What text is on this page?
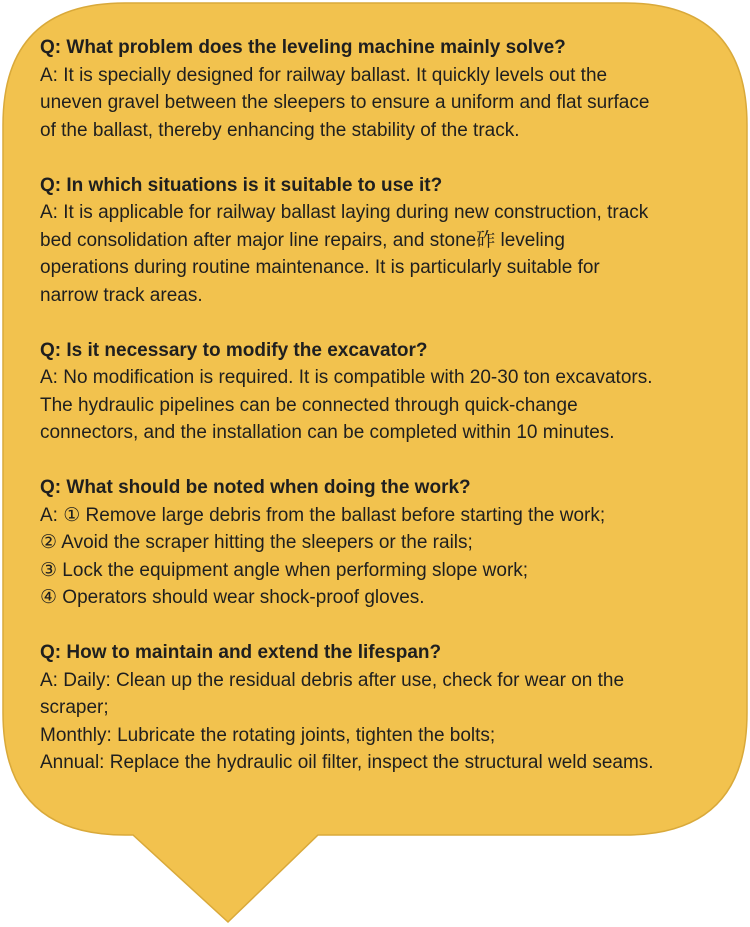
Q: What problem does the leveling machine mainly solve?
A: It is specially designed for railway ballast. It quickly levels out the
uneven gravel between the sleepers to ensure a uniform and flat surface
of the ballast, thereby enhancing the stability of the track.
Q: In which situations is it suitable to use it?
A: It is applicable for railway ballast laying during new construction, track
bed consolidation after major line repairs, and stone砟 leveling
operations during routine maintenance. It is particularly suitable for
narrow track areas.
Q: Is it necessary to modify the excavator?
A: No modification is required. It is compatible with 20-30 ton excavators.
The hydraulic pipelines can be connected through quick-change
connectors, and the installation can be completed within 10 minutes.
Q: What should be noted when doing the work?
A: ① Remove large debris from the ballast before starting the work;
② Avoid the scraper hitting the sleepers or the rails;
③ Lock the equipment angle when performing slope work;
④ Operators should wear shock-proof gloves.
Q: How to maintain and extend the lifespan?
A: Daily: Clean up the residual debris after use, check for wear on the
scraper;
Monthly: Lubricate the rotating joints, tighten the bolts;
Annual: Replace the hydraulic oil filter, inspect the structural weld seams.
